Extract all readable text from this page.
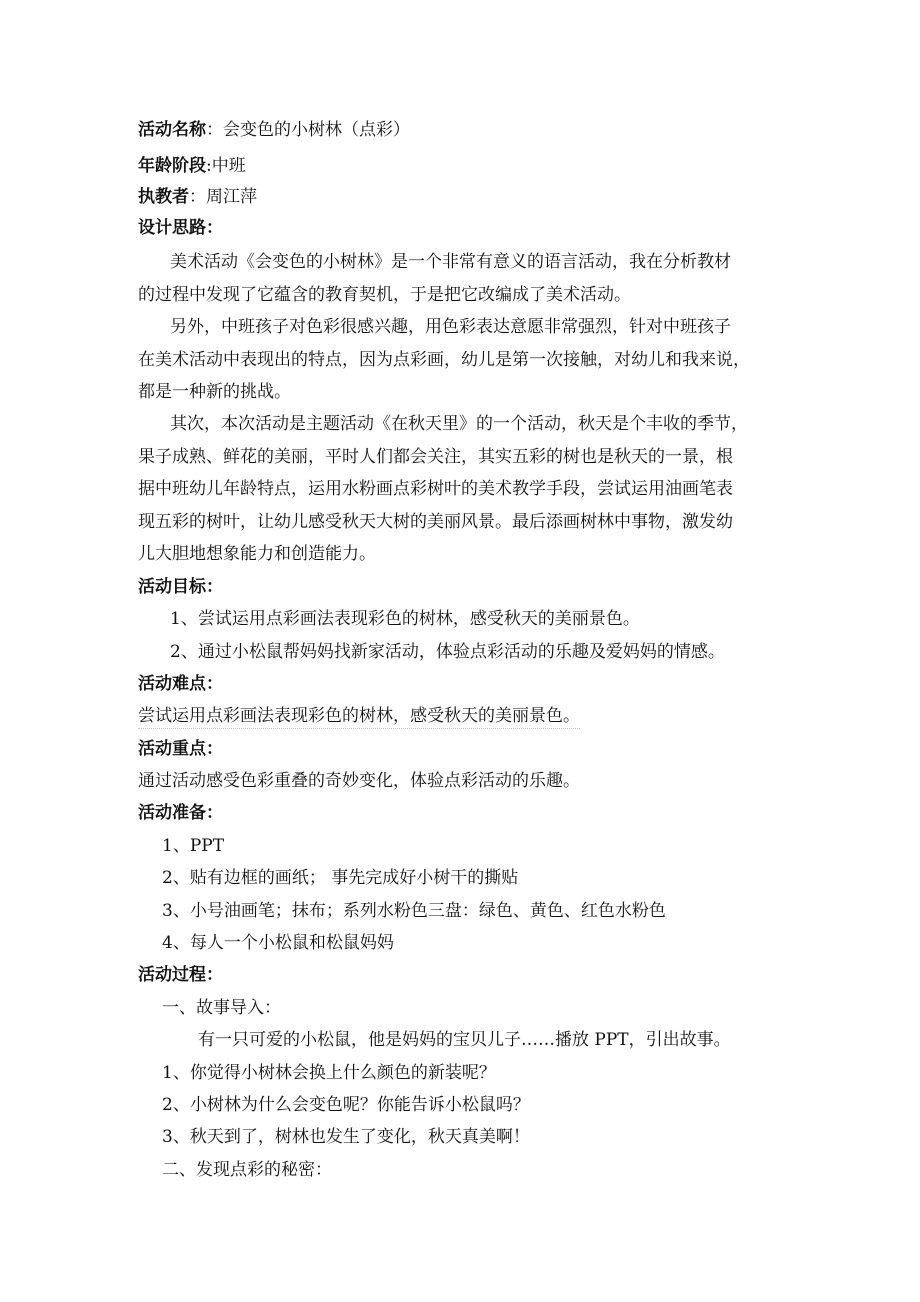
活动名称：会变色的小树林（点彩）
年龄阶段:中班
执教者：周江萍
设计思路：
美术活动《会变色的小树林》是一个非常有意义的语言活动，我在分析教材
的过程中发现了它蕴含的教育契机，于是把它改编成了美术活动。
另外，中班孩子对色彩很感兴趣，用色彩表达意愿非常强烈，针对中班孩子
在美术活动中表现出的特点，因为点彩画，幼儿是第一次接触，对幼儿和我来说，
都是一种新的挑战。
其次，本次活动是主题活动《在秋天里》的一个活动，秋天是个丰收的季节，
果子成熟、鲜花的美丽，平时人们都会关注，其实五彩的树也是秋天的一景，根
据中班幼儿年龄特点，运用水粉画点彩树叶的美术教学手段，尝试运用油画笔表
现五彩的树叶，让幼儿感受秋天大树的美丽风景。最后添画树林中事物，激发幼
儿大胆地想象能力和创造能力。
活动目标：
1、尝试运用点彩画法表现彩色的树林，感受秋天的美丽景色。
2、通过小松鼠帮妈妈找新家活动，体验点彩活动的乐趣及爱妈妈的情感。
活动难点：
尝试运用点彩画法表现彩色的树林，感受秋天的美丽景色。
活动重点：
通过活动感受色彩重叠的奇妙变化，体验点彩活动的乐趣。
活动准备：
1、PPT
2、贴有边框的画纸； 事先完成好小树干的撕贴
3、小号油画笔；抹布；系列水粉色三盘：绿色、黄色、红色水粉色
4、每人一个小松鼠和松鼠妈妈
活动过程：
一、故事导入：
有一只可爱的小松鼠，他是妈妈的宝贝儿子……播放 PPT，引出故事。
1、你觉得小树林会换上什么颜色的新装呢？
2、小树林为什么会变色呢？你能告诉小松鼠吗？
3、秋天到了，树林也发生了变化，秋天真美啊！
二、发现点彩的秘密：
